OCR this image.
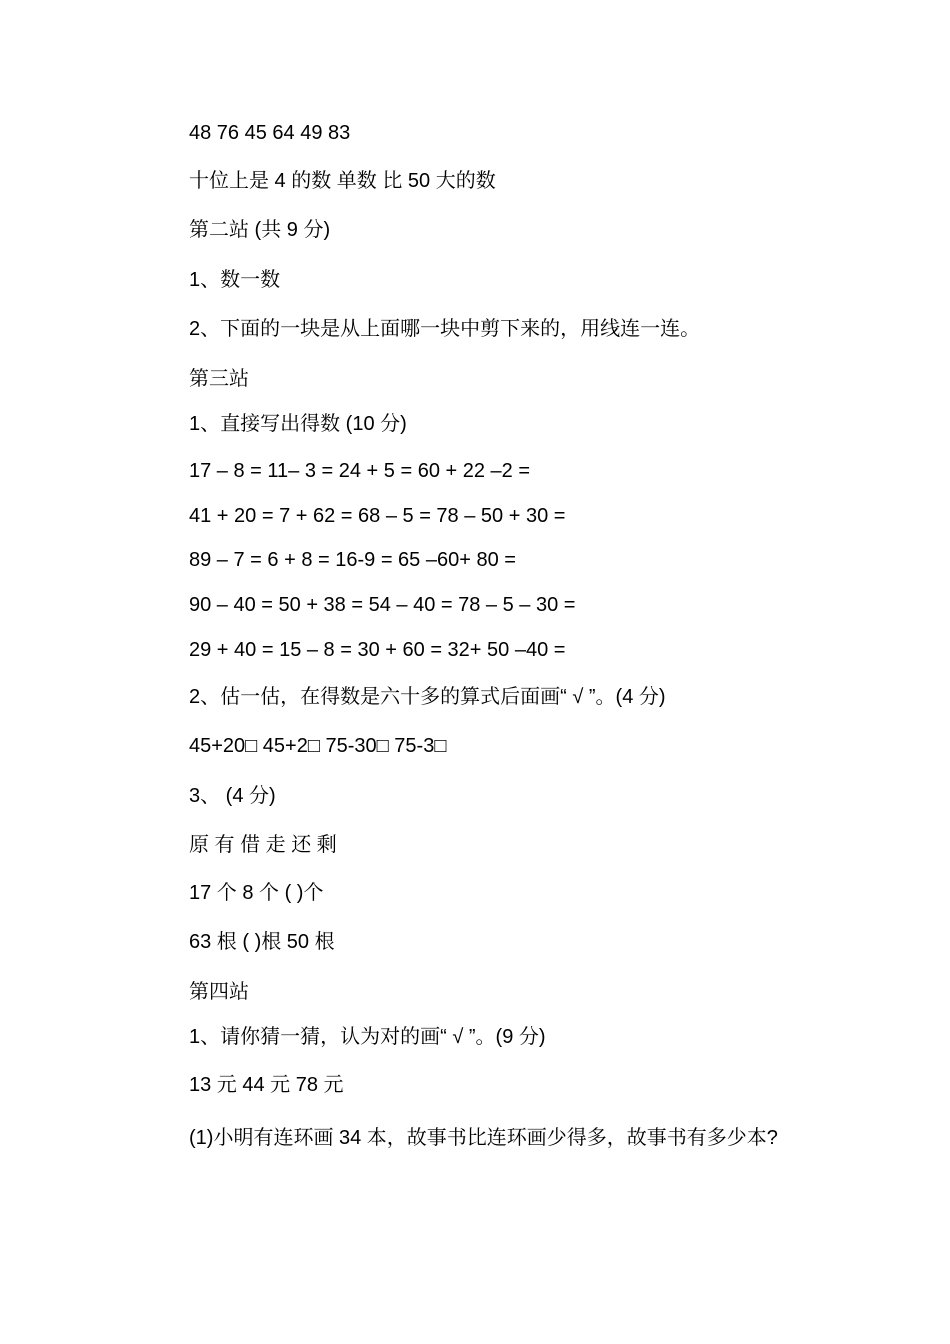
48 76 45 64 49 83
十位上是 4 的数 单数 比 50 大的数
第二站 (共 9 分)
1、数一数
2、下面的一块是从上面哪一块中剪下来的，用线连一连。
第三站
1、直接写出得数 (10 分)
17 – 8 = 11– 3 = 24 + 5 = 60 + 22 –2 =
41 + 20 = 7 + 62 = 68 – 5 = 78 – 50 + 30 =
89 – 7 = 6 + 8 = 16-9 = 65 –60+ 80 =
90 – 40 = 50 + 38 = 54 – 40 = 78 – 5 – 30 =
29 + 40 = 15 – 8 = 30 + 60 = 32+ 50 –40 =
2、估一估，在得数是六十多的算式后面画“ √ ”。(4 分)
45+20□ 45+2□ 75-30□ 75-3□
3、 (4 分)
原 有 借 走 还 剩
17 个 8 个 ( )个
63 根 ( )根 50 根
第四站
1、请你猜一猜，认为对的画“ √ ”。(9 分)
13 元 44 元 78 元
(1)小明有连环画 34 本，故事书比连环画少得多，故事书有多少本?
